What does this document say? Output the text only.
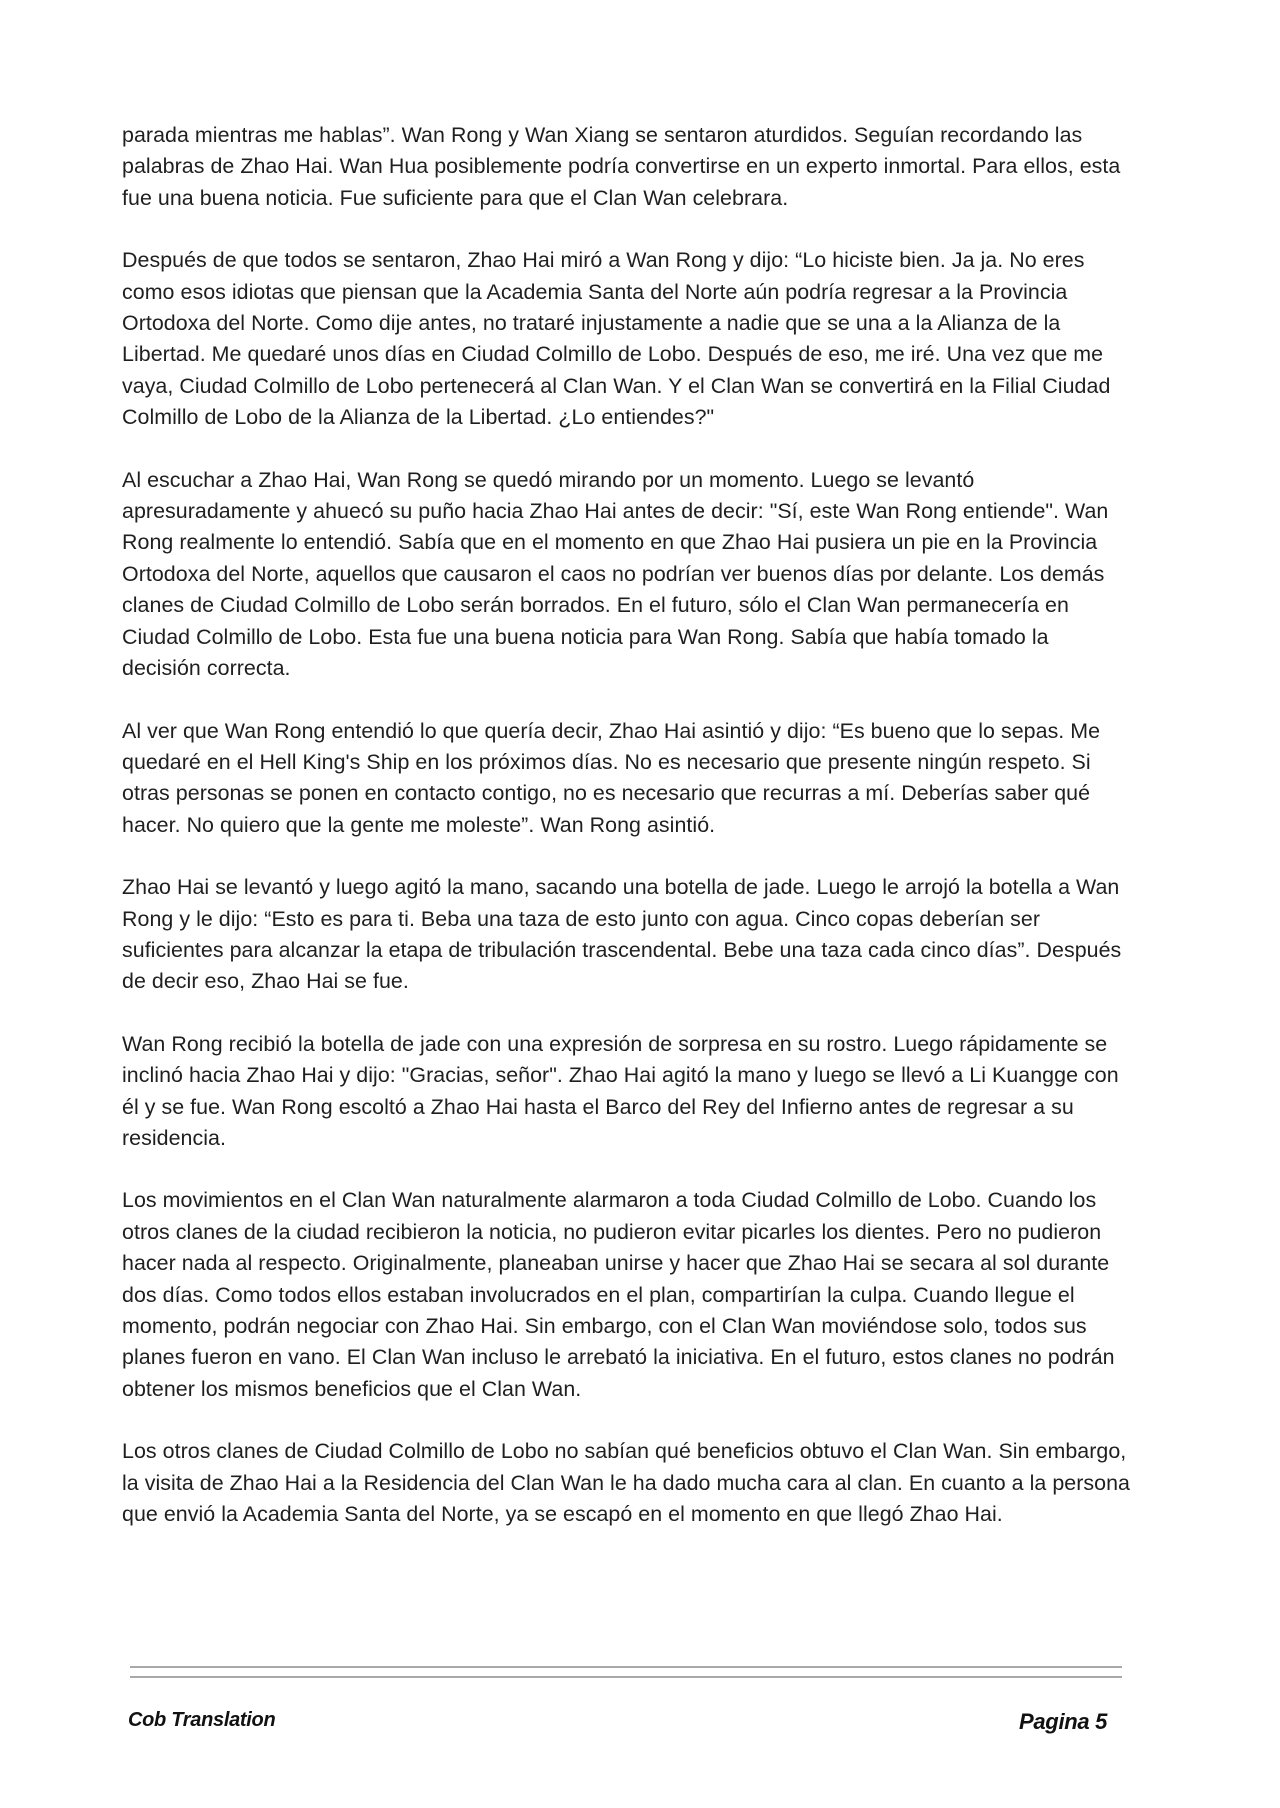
parada mientras me hablas”. Wan Rong y Wan Xiang se sentaron aturdidos. Seguían recordando las palabras de Zhao Hai. Wan Hua posiblemente podría convertirse en un experto inmortal. Para ellos, esta fue una buena noticia. Fue suficiente para que el Clan Wan celebrara.

Después de que todos se sentaron, Zhao Hai miró a Wan Rong y dijo: “Lo hiciste bien. Ja ja. No eres como esos idiotas que piensan que la Academia Santa del Norte aún podría regresar a la Provincia Ortodoxa del Norte. Como dije antes, no trataré injustamente a nadie que se una a la Alianza de la Libertad. Me quedaré unos días en Ciudad Colmillo de Lobo. Después de eso, me iré. Una vez que me vaya, Ciudad Colmillo de Lobo pertenecerá al Clan Wan. Y el Clan Wan se convertirá en la Filial Ciudad Colmillo de Lobo de la Alianza de la Libertad. ¿Lo entiendes?"

Al escuchar a Zhao Hai, Wan Rong se quedó mirando por un momento. Luego se levantó apresuradamente y ahuecó su puño hacia Zhao Hai antes de decir: "Sí, este Wan Rong entiende". Wan Rong realmente lo entendió. Sabía que en el momento en que Zhao Hai pusiera un pie en la Provincia Ortodoxa del Norte, aquellos que causaron el caos no podrían ver buenos días por delante. Los demás clanes de Ciudad Colmillo de Lobo serán borrados. En el futuro, sólo el Clan Wan permanecería en Ciudad Colmillo de Lobo. Esta fue una buena noticia para Wan Rong. Sabía que había tomado la decisión correcta.

Al ver que Wan Rong entendió lo que quería decir, Zhao Hai asintió y dijo: “Es bueno que lo sepas. Me quedaré en el Hell King's Ship en los próximos días. No es necesario que presente ningún respeto. Si otras personas se ponen en contacto contigo, no es necesario que recurras a mí. Deberías saber qué hacer. No quiero que la gente me moleste”. Wan Rong asintió.

Zhao Hai se levantó y luego agitó la mano, sacando una botella de jade. Luego le arrojó la botella a Wan Rong y le dijo: “Esto es para ti. Beba una taza de esto junto con agua. Cinco copas deberían ser suficientes para alcanzar la etapa de tribulación trascendental. Bebe una taza cada cinco días”. Después de decir eso, Zhao Hai se fue.

Wan Rong recibió la botella de jade con una expresión de sorpresa en su rostro. Luego rápidamente se inclinó hacia Zhao Hai y dijo: "Gracias, señor". Zhao Hai agitó la mano y luego se llevó a Li Kuangge con él y se fue. Wan Rong escoltó a Zhao Hai hasta el Barco del Rey del Infierno antes de regresar a su residencia.

Los movimientos en el Clan Wan naturalmente alarmaron a toda Ciudad Colmillo de Lobo. Cuando los otros clanes de la ciudad recibieron la noticia, no pudieron evitar picarles los dientes. Pero no pudieron hacer nada al respecto. Originalmente, planeaban unirse y hacer que Zhao Hai se secara al sol durante dos días. Como todos ellos estaban involucrados en el plan, compartirían la culpa. Cuando llegue el momento, podrán negociar con Zhao Hai. Sin embargo, con el Clan Wan moviéndose solo, todos sus planes fueron en vano. El Clan Wan incluso le arrebató la iniciativa. En el futuro, estos clanes no podrán obtener los mismos beneficios que el Clan Wan.

Los otros clanes de Ciudad Colmillo de Lobo no sabían qué beneficios obtuvo el Clan Wan. Sin embargo, la visita de Zhao Hai a la Residencia del Clan Wan le ha dado mucha cara al clan. En cuanto a la persona que envió la Academia Santa del Norte, ya se escapó en el momento en que llegó Zhao Hai.

Cob Translation	Pagina 5
